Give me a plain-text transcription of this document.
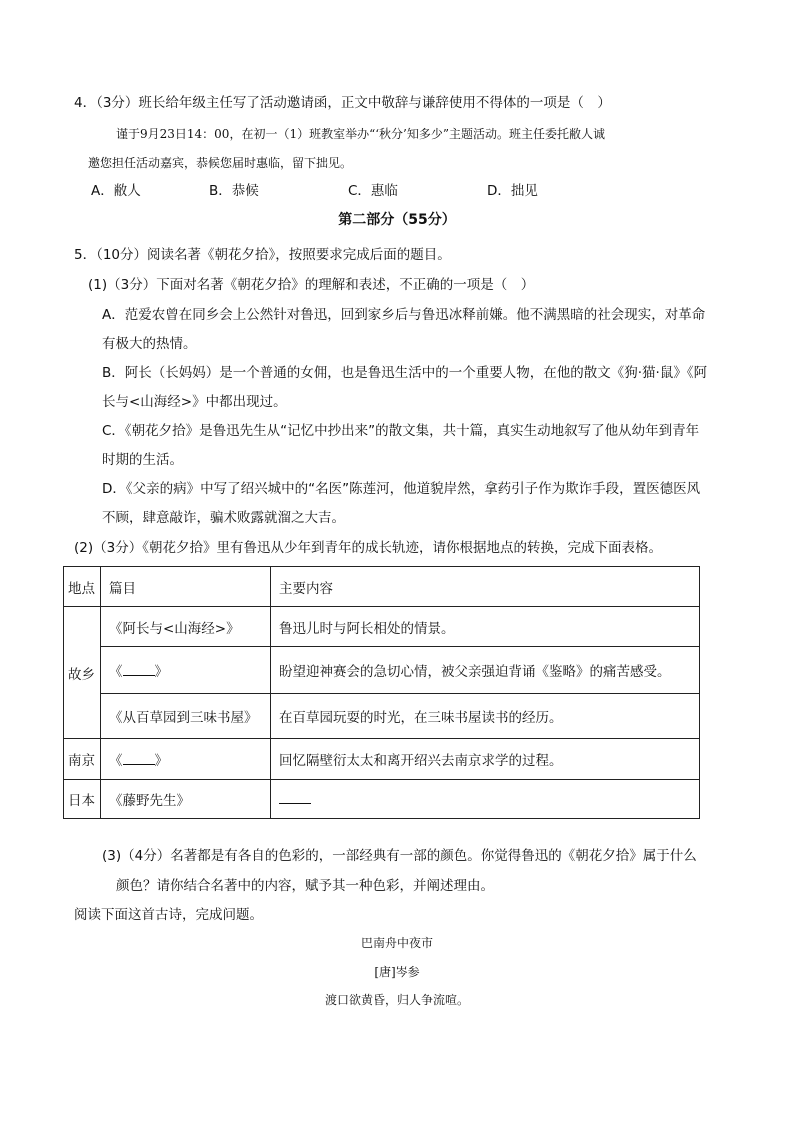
4．（3分）班长给年级主任写了活动邀请函，正文中敬辞与谦辞使用不得体的一项是（　）
谨于9月23日14：00，在初一（1）班教室举办“‘秋分’知多少”主题活动。班主任委托敝人诚
邀您担任活动嘉宾，恭候您届时惠临，留下拙见。
A．敝人	B．恭候	C．惠临	D．拙见
第二部分（55分）
5．（10分）阅读名著《朝花夕拾》，按照要求完成后面的题目。
(1)（3分）下面对名著《朝花夕拾》的理解和表述，不正确的一项是（　）
A．范爱农曾在同乡会上公然针对鲁迅，回到家乡后与鲁迅冰释前嫌。他不满黑暗的社会现实，对革命
有极大的热情。
B．阿长（长妈妈）是一个普通的女佣，也是鲁迅生活中的一个重要人物，在他的散文《狗·猫·鼠》《阿
长与<山海经>》中都出现过。
C．《朝花夕拾》是鲁迅先生从“记忆中抄出来”的散文集，共十篇，真实生动地叙写了他从幼年到青年
时期的生活。
D．《父亲的病》中写了绍兴城中的“名医”陈莲河，他道貌岸然，拿药引子作为欺诈手段，置医德医风
不顾，肆意敲诈，骗术败露就溜之大吉。
(2)（3分）《朝花夕拾》里有鲁迅从少年到青年的成长轨迹，请你根据地点的转换，完成下面表格。
地点	篇目	主要内容
故乡	《阿长与<山海经>》	鲁迅儿时与阿长相处的情景。
	《 》	盼望迎神赛会的急切心情，被父亲强迫背诵《鉴略》的痛苦感受。
	《从百草园到三味书屋》	在百草园玩耍的时光，在三味书屋读书的经历。
南京	《 》	回忆隔壁衍太太和离开绍兴去南京求学的过程。
日本	《藤野先生》	
(3)（4分）名著都是有各自的色彩的，一部经典有一部的颜色。你觉得鲁迅的《朝花夕拾》属于什么
颜色？请你结合名著中的内容，赋予其一种色彩，并阐述理由。
阅读下面这首古诗，完成问题。
巴南舟中夜市
[唐]岑参
渡口欲黄昏，归人争流喧。
